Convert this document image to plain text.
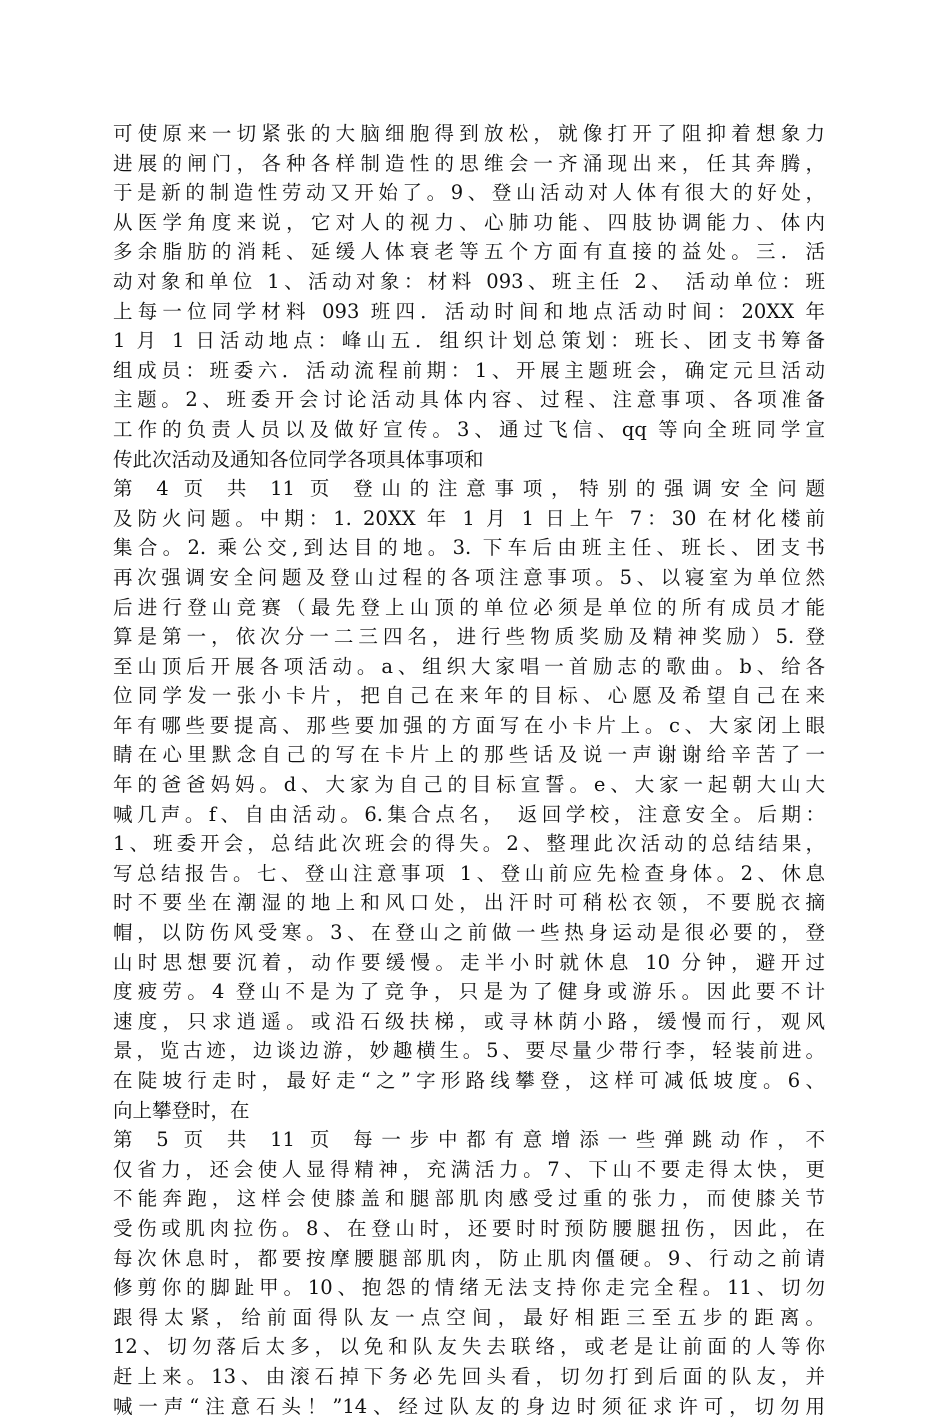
可使原来一切紧张的大脑细胞得到放松，就像打开了阻抑着想象力
进展的闸门，各种各样制造性的思维会一齐涌现出来，任其奔腾，
于是新的制造性劳动又开始了。9、登山活动对人体有很大的好处，
从医学角度来说，它对人的视力、心肺功能、四肢协调能力、体内
多余脂肪的消耗、延缓人体衰老等五个方面有直接的益处。三．活
动对象和单位 1、活动对象：材料 093、班主任 2、 活动单位：班
上每一位同学材料 093 班四．活动时间和地点活动时间：20XX 年
1 月 1 日活动地点：峰山五．组织计划总策划：班长、团支书筹备
组成员：班委六．活动流程前期：1、开展主题班会，确定元旦活动
主题。2、班委开会讨论活动具体内容、过程、注意事项、各项准备
工作的负责人员以及做好宣传。3、通过飞信、qq 等向全班同学宣
传此次活动及通知各位同学各项具体事项和
第 4 页 共 11 页 登山的注意事项，特别的强调安全问题
及防火问题。中期：1. 20XX 年 1 月 1 日上午 7：30 在材化楼前
集合。2. 乘公交,到达目的地。3. 下车后由班主任、班长、团支书
再次强调安全问题及登山过程的各项注意事项。5、以寝室为单位然
后进行登山竞赛（最先登上山顶的单位必须是单位的所有成员才能
算是第一，依次分一二三四名，进行些物质奖励及精神奖励）5. 登
至山顶后开展各项活动。a、组织大家唱一首励志的歌曲。b、给各
位同学发一张小卡片，把自己在来年的目标、心愿及希望自己在来
年有哪些要提高、那些要加强的方面写在小卡片上。c、大家闭上眼
睛在心里默念自己的写在卡片上的那些话及说一声谢谢给辛苦了一
年的爸爸妈妈。d、大家为自己的目标宣誓。e、大家一起朝大山大
喊几声。f、自由活动。6.集合点名， 返回学校，注意安全。后期：
1、班委开会，总结此次班会的得失。2、整理此次活动的总结结果，
写总结报告。七、登山注意事项 1、登山前应先检查身体。2、休息
时不要坐在潮湿的地上和风口处，出汗时可稍松衣领，不要脱衣摘
帽，以防伤风受寒。3、在登山之前做一些热身运动是很必要的，登
山时思想要沉着，动作要缓慢。走半小时就休息 10 分钟，避开过
度疲劳。4 登山不是为了竞争，只是为了健身或游乐。因此要不计
速度，只求逍遥。或沿石级扶梯，或寻林荫小路，缓慢而行，观风
景，览古迹，边谈边游，妙趣横生。5、要尽量少带行李，轻装前进。
在陡坡行走时，最好走“之”字形路线攀登，这样可减低坡度。6、
向上攀登时，在
第 5 页 共 11 页 每一步中都有意增添一些弹跳动作，不
仅省力，还会使人显得精神，充满活力。7、下山不要走得太快，更
不能奔跑，这样会使膝盖和腿部肌肉感受过重的张力，而使膝关节
受伤或肌肉拉伤。8、在登山时，还要时时预防腰腿扭伤，因此，在
每次休息时，都要按摩腰腿部肌肉，防止肌肉僵硬。9、行动之前请
修剪你的脚趾甲。10、抱怨的情绪无法支持你走完全程。11、切勿
跟得太紧，给前面得队友一点空间，最好相距三至五步的距离。
12、切勿落后太多，以免和队友失去联络，或老是让前面的人等你
赶上来。13、由滚石掉下务必先回头看，切勿打到后面的队友，并
喊一声“注意石头！”14、经过队友的身边时须征求许可，切勿用
